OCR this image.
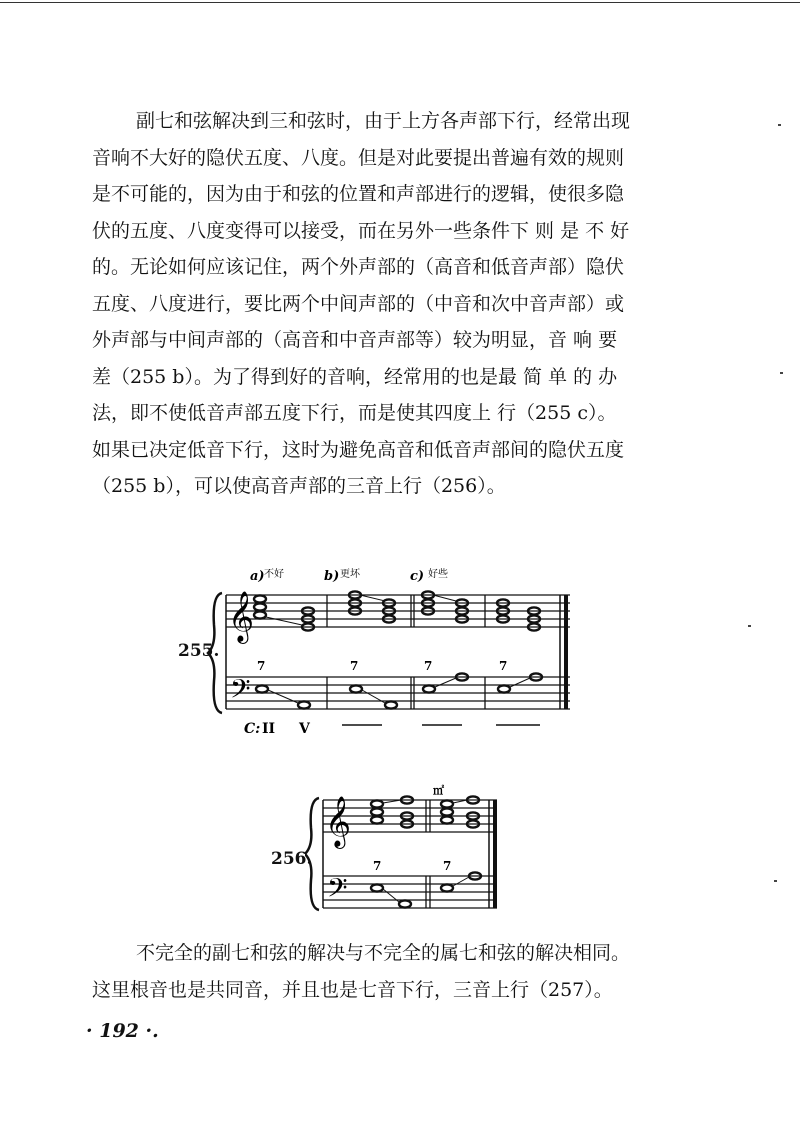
副七和弦解决到三和弦时，由于上方各声部下行，经常出现
音响不大好的隐伏五度、八度。但是对此要提出普遍有效的规则
是不可能的，因为由于和弦的位置和声部进行的逻辑，使很多隐
伏的五度、八度变得可以接受，而在另外一些条件下 则 是 不 好
的。无论如何应该记住，两个外声部的（高音和低音声部）隐伏
五度、八度进行，要比两个中间声部的（中音和次中音声部）或
外声部与中间声部的（高音和中音声部等）较为明显，音 响 要
差（255 b）。为了得到好的音响，经常用的也是最 简 单 的 办
法，即不使低音声部五度下行，而是使其四度上 行（255 c）。
如果已决定低音下行，这时为避免高音和低音声部间的隐伏五度
（255 b），可以使高音声部的三音上行（256）。
255.
a) 不好	b) 更坏	c) 好些
𝄞
𝄢
7	7	7	7
C: II V
256.
㎡
𝄞
𝄢
7	7
不完全的副七和弦的解决与不完全的属七和弦的解决相同。
这里根音也是共同音，并且也是七音下行，三音上行（257）。
· 192 ·.
